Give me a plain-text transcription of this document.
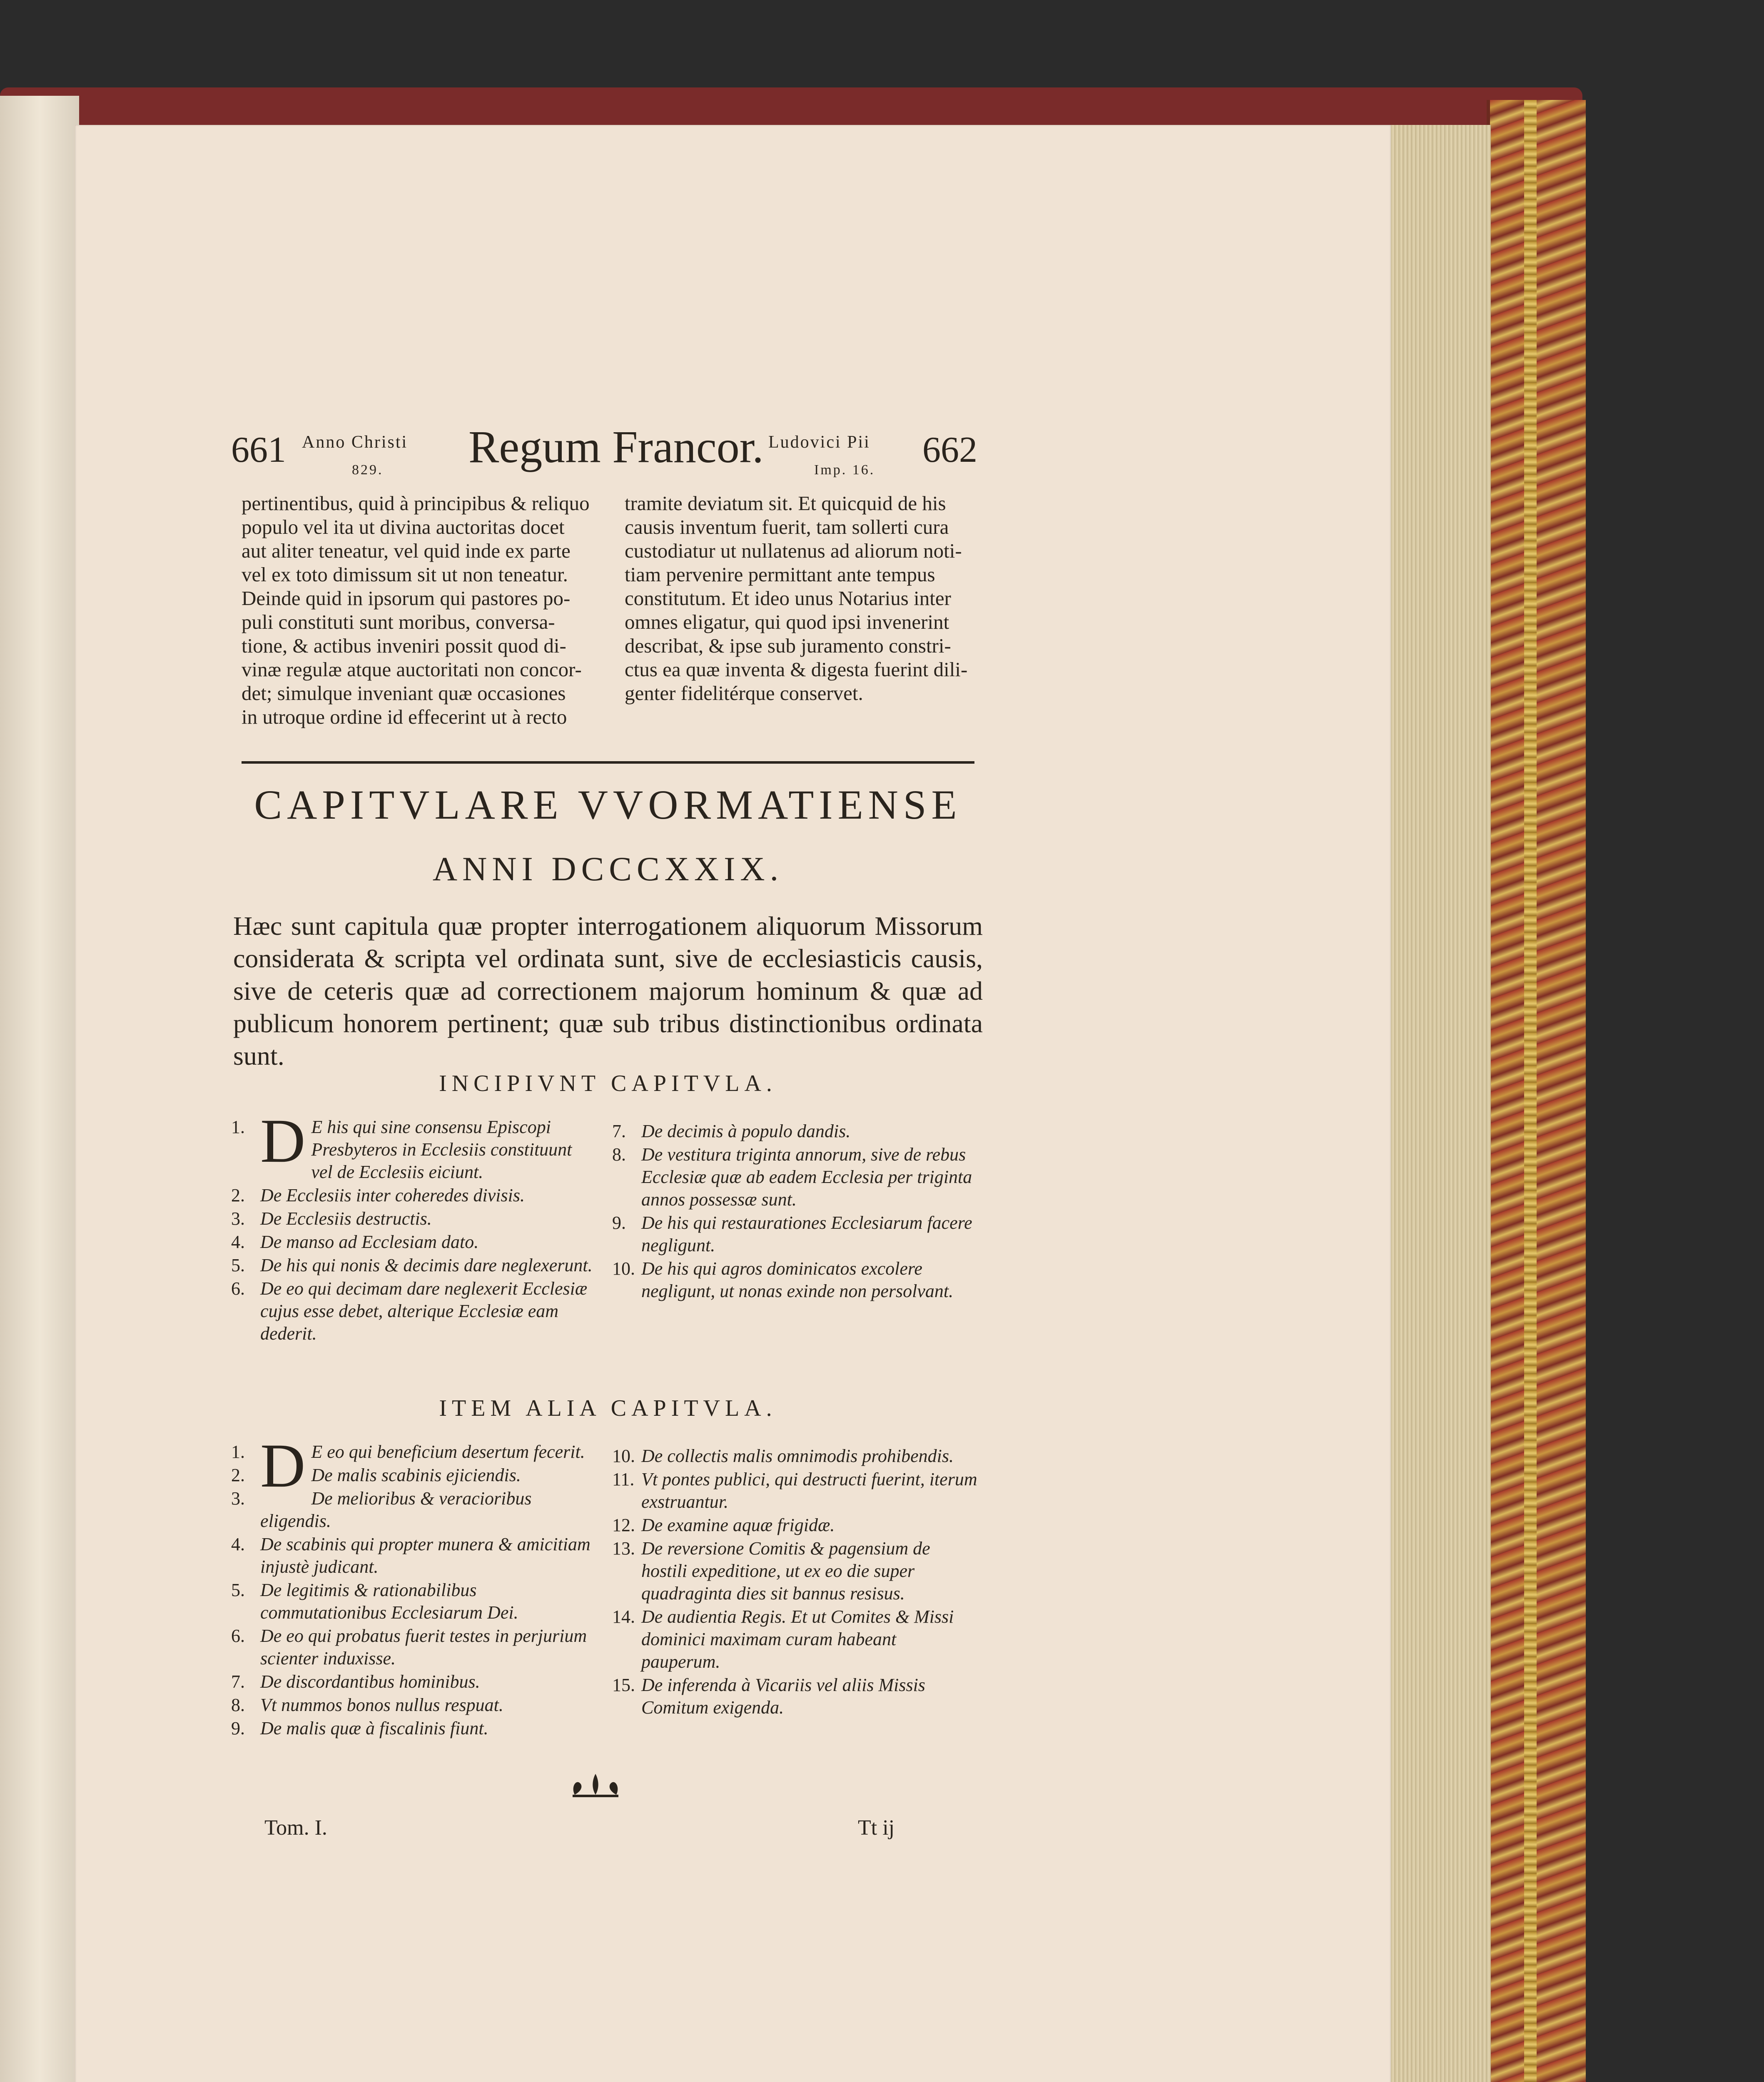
661 Anno Christi
829. Regum Francor. Ludovici Pii
Imp. 16. 662

pertinentibus, quid à principibus & reliquo

populo vel ita ut divina auctoritas docet

aut aliter teneatur, vel quid inde ex parte

vel ex toto dimissum sit ut non teneatur.

Deinde quid in ipsorum qui pastores po-

puli constituti sunt moribus, conversa-

tione, & actibus inveniri possit quod di-

vinæ regulæ atque auctoritati non concor-

det; simulque inveniant quæ occasiones

in utroque ordine id effecerint ut à recto

tramite deviatum sit. Et quicquid de his

causis inventum fuerit, tam sollerti cura

custodiatur ut nullatenus ad aliorum noti-

tiam pervenire permittant ante tempus

constitutum. Et ideo unus Notarius inter

omnes eligatur, qui quod ipsi invenerint

describat, & ipse sub juramento constri-

ctus ea quæ inventa & digesta fuerint dili-

genter fidelitérque conservet.

CAPITVLARE VVORMATIENSE
ANNI DCCCXXIX.
Hæc sunt capitula quæ propter interrogationem aliquorum Missorum considerata & scripta vel ordinata sunt, sive de ecclesiasticis causis, sive de ceteris quæ ad correctionem majorum hominum & quæ ad publicum honorem pertinent; quæ sub tribus distinctionibus ordinata sunt.
INCIPIVNT CAPITVLA.
1. D E his qui sine consensu Episcopi Presbyteros in Ecclesiis constituunt vel de Ecclesiis eiciunt.
2. De Ecclesiis inter coheredes divisis.
3. De Ecclesiis destructis.
4. De manso ad Ecclesiam dato.
5. De his qui nonis & decimis dare neglexerunt.
6. De eo qui decimam dare neglexerit Ecclesiæ cujus esse debet, alterique Ecclesiæ eam dederit.
7. De decimis à populo dandis.
8. De vestitura triginta annorum, sive de rebus Ecclesiæ quæ ab eadem Ecclesia per triginta annos possessæ sunt.
9. De his qui restaurationes Ecclesiarum facere negligunt.
10. De his qui agros dominicatos excolere negligunt, ut nonas exinde non persolvant.
ITEM ALIA CAPITVLA.
1. D E eo qui beneficium desertum fecerit.
2.	De malis scabinis ejiciendis.
3.	De melioribus & veracioribus eligendis.
4. De scabinis qui propter munera & amicitiam injustè judicant.
5. De legitimis & rationabilibus commutationibus Ecclesiarum Dei.
6. De eo qui probatus fuerit testes in perjurium scienter induxisse.
7. De discordantibus hominibus.
8. Vt nummos bonos nullus respuat.
9. De malis quæ à fiscalinis fiunt.
10. De collectis malis omnimodis prohibendis.
11. Vt pontes publici, qui destructi fuerint, iterum exstruantur.
12. De examine aquæ frigidæ.
13. De reversione Comitis & pagensium de hostili expeditione, ut ex eo die super quadraginta dies sit bannus resisus.
14. De audientia Regis. Et ut Comites & Missi dominici maximam curam habeant pauperum.
15. De inferenda à Vicariis vel aliis Missis Comitum exigenda.
Tom. I.	Tt ij
